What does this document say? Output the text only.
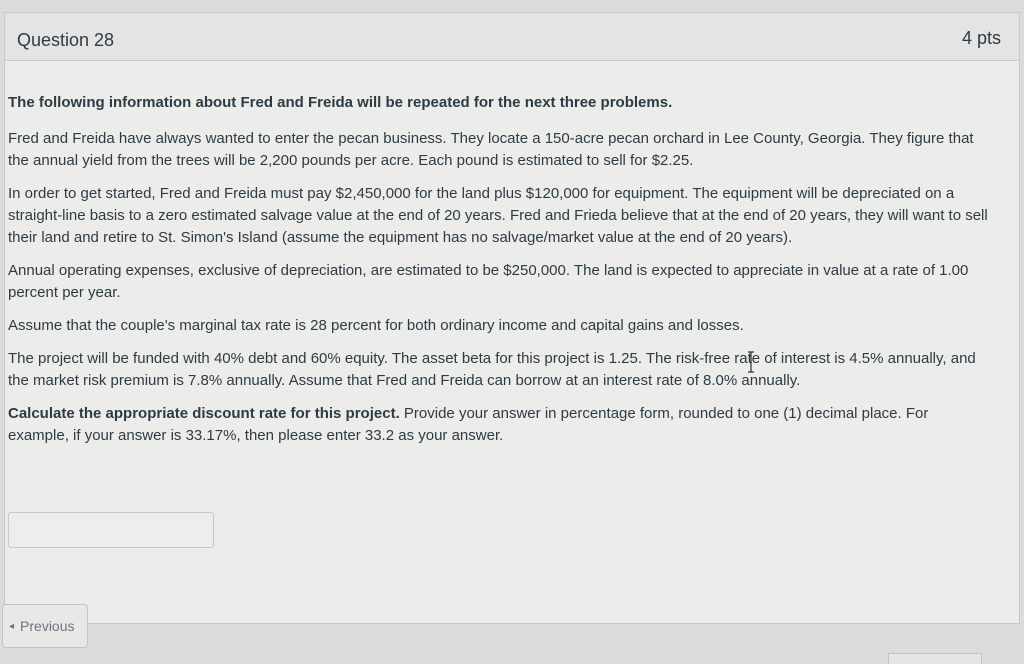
Question 28	4 pts

The following information about Fred and Freida will be repeated for the next three problems.

Fred and Freida have always wanted to enter the pecan business. They locate a 150-acre pecan orchard in Lee County, Georgia. They figure that the annual yield from the trees will be 2,200 pounds per acre. Each pound is estimated to sell for $2.25.

In order to get started, Fred and Freida must pay $2,450,000 for the land plus $120,000 for equipment. The equipment will be depreciated on a straight-line basis to a zero estimated salvage value at the end of 20 years. Fred and Frieda believe that at the end of 20 years, they will want to sell their land and retire to St. Simon's Island (assume the equipment has no salvage/market value at the end of 20 years).

Annual operating expenses, exclusive of depreciation, are estimated to be $250,000. The land is expected to appreciate in value at a rate of 1.00 percent per year.

Assume that the couple's marginal tax rate is 28 percent for both ordinary income and capital gains and losses.

The project will be funded with 40% debt and 60% equity. The asset beta for this project is 1.25. The risk-free rate of interest is 4.5% annually, and the market risk premium is 7.8% annually. Assume that Fred and Freida can borrow at an interest rate of 8.0% annually.

Calculate the appropriate discount rate for this project. Provide your answer in percentage form, rounded to one (1) decimal place. For example, if your answer is 33.17%, then please enter 33.2 as your answer.

◂ Previous
